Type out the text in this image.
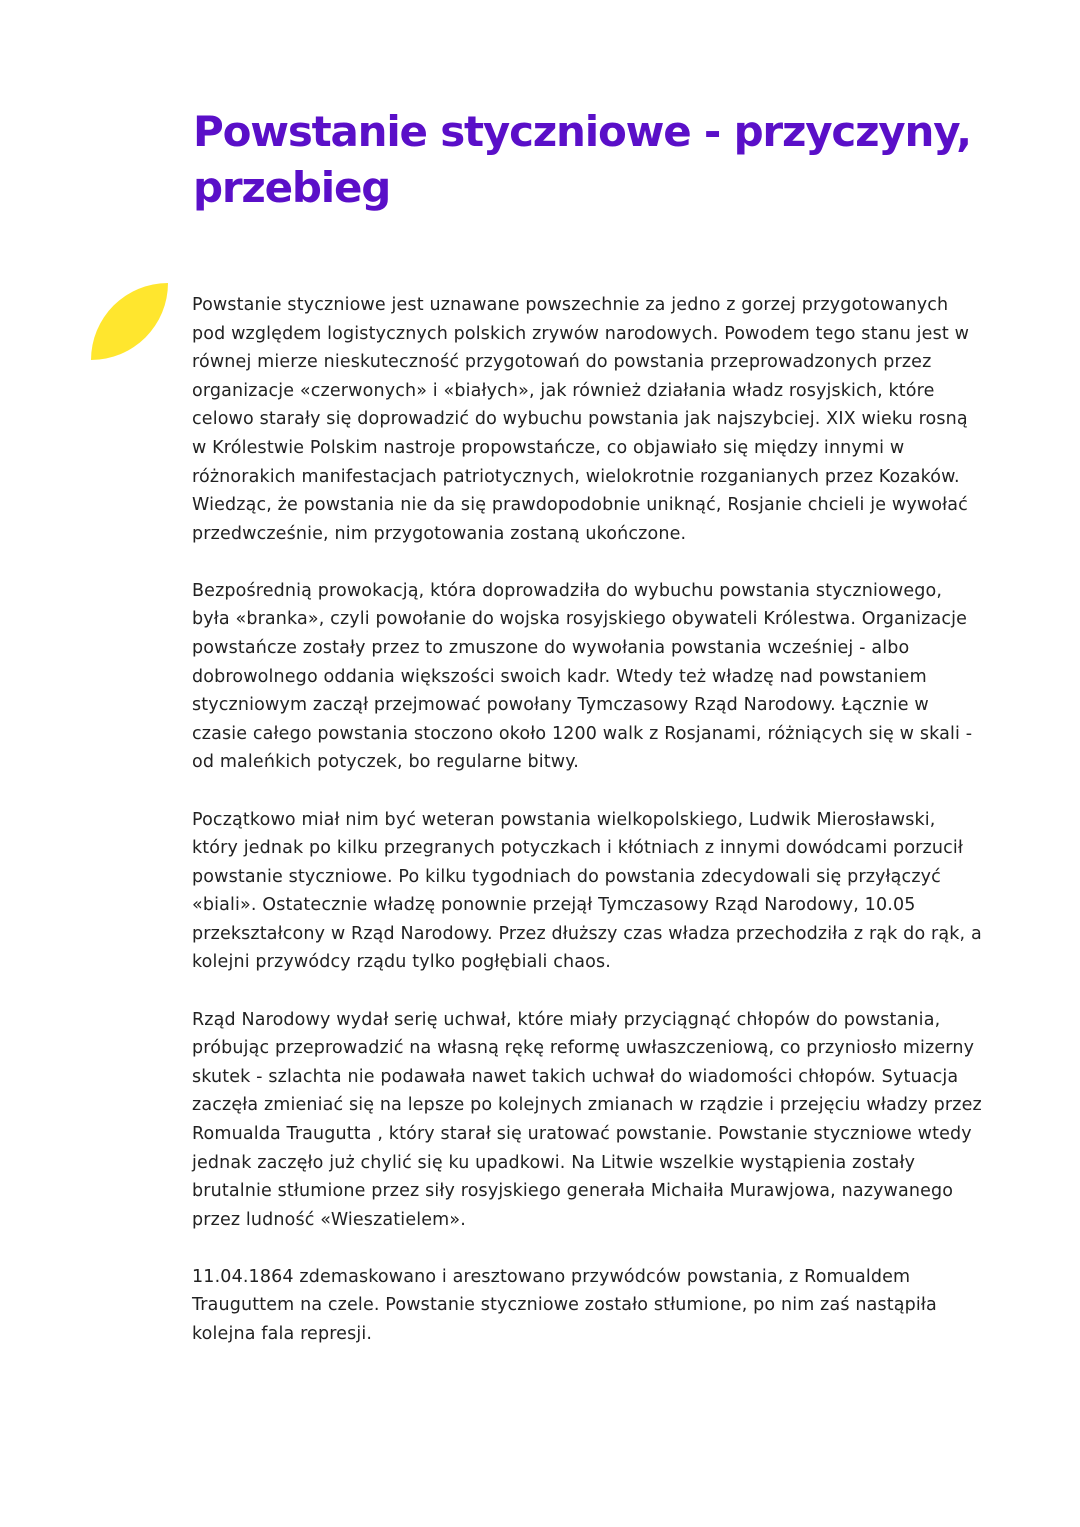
Powstanie styczniowe - przyczyny, przebieg

Powstanie styczniowe jest uznawane powszechnie za jedno z gorzej przygotowanych pod względem logistycznych polskich zrywów narodowych. Powodem tego stanu jest w równej mierze nieskuteczność przygotowań do powstania przeprowadzonych przez organizacje «czerwonych» i «białych», jak również działania władz rosyjskich, które celowo starały się doprowadzić do wybuchu powstania jak najszybciej. XIX wieku rosną w Królestwie Polskim nastroje propowstańcze, co objawiało się między innymi w różnorakich manifestacjach patriotycznych, wielokrotnie rozganianych przez Kozaków. Wiedząc, że powstania nie da się prawdopodobnie uniknąć, Rosjanie chcieli je wywołać przedwcześnie, nim przygotowania zostaną ukończone.

Bezpośrednią prowokacją, która doprowadziła do wybuchu powstania styczniowego, była «branka», czyli powołanie do wojska rosyjskiego obywateli Królestwa. Organizacje powstańcze zostały przez to zmuszone do wywołania powstania wcześniej - albo dobrowolnego oddania większości swoich kadr. Wtedy też władzę nad powstaniem styczniowym zaczął przejmować powołany Tymczasowy Rząd Narodowy. Łącznie w czasie całego powstania stoczono około 1200 walk z Rosjanami, różniących się w skali - od maleńkich potyczek, bo regularne bitwy.

Początkowo miał nim być weteran powstania wielkopolskiego, Ludwik Mierosławski, który jednak po kilku przegranych potyczkach i kłótniach z innymi dowódcami porzucił powstanie styczniowe. Po kilku tygodniach do powstania zdecydowali się przyłączyć «biali». Ostatecznie władzę ponownie przejął Tymczasowy Rząd Narodowy, 10.05 przekształcony w Rząd Narodowy. Przez dłuższy czas władza przechodziła z rąk do rąk, a kolejni przywódcy rządu tylko pogłębiali chaos.

Rząd Narodowy wydał serię uchwał, które miały przyciągnąć chłopów do powstania, próbując przeprowadzić na własną rękę reformę uwłaszczeniową, co przyniosło mizerny skutek - szlachta nie podawała nawet takich uchwał do wiadomości chłopów. Sytuacja zaczęła zmieniać się na lepsze po kolejnych zmianach w rządzie i przejęciu władzy przez Romualda Traugutta , który starał się uratować powstanie. Powstanie styczniowe wtedy jednak zaczęło już chylić się ku upadkowi. Na Litwie wszelkie wystąpienia zostały brutalnie stłumione przez siły rosyjskiego generała Michaiła Murawjowa, nazywanego przez ludność «Wieszatielem».

11.04.1864 zdemaskowano i aresztowano przywódców powstania, z Romualdem Trauguttem na czele. Powstanie styczniowe zostało stłumione, po nim zaś nastąpiła kolejna fala represji.
